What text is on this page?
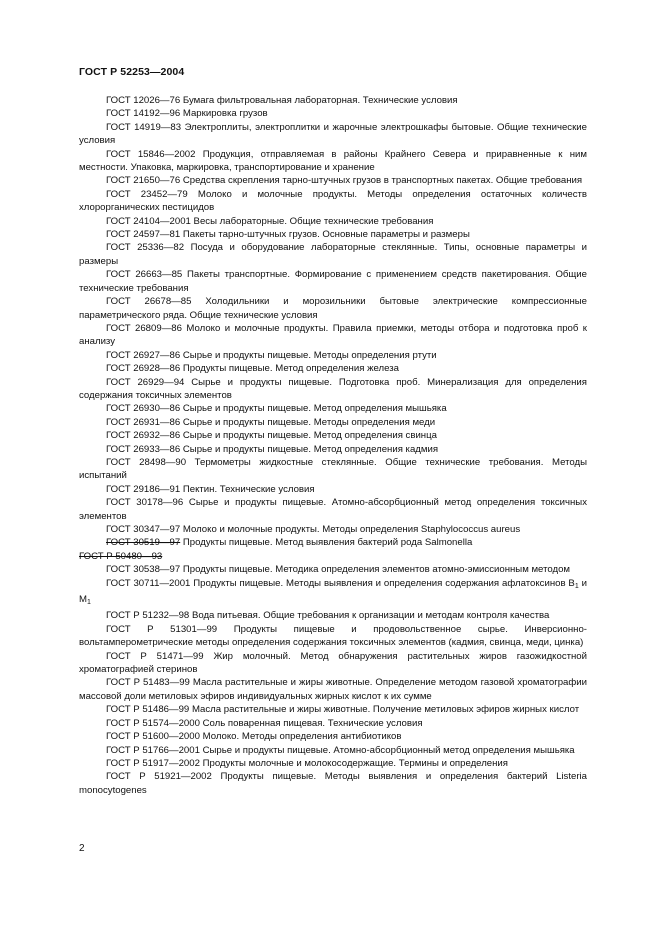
ГОСТ Р 52253—2004

ГОСТ 12026—76 Бумага фильтровальная лабораторная. Технические условия

ГОСТ 14192—96 Маркировка грузов

ГОСТ 14919—83 Электроплиты, электроплитки и жарочные электрошкафы бытовые. Общие технические условия

ГОСТ 15846—2002 Продукция, отправляемая в районы Крайнего Севера и приравненные к ним местности. Упаковка, маркировка, транспортирование и хранение

ГОСТ 21650—76 Средства скрепления тарно-штучных грузов в транспортных пакетах. Общие требования

ГОСТ 23452—79 Молоко и молочные продукты. Методы определения остаточных количеств хлорорганических пестицидов

ГОСТ 24104—2001 Весы лабораторные. Общие технические требования

ГОСТ 24597—81 Пакеты тарно-штучных грузов. Основные параметры и размеры

ГОСТ 25336—82 Посуда и оборудование лабораторные стеклянные. Типы, основные параметры и размеры

ГОСТ 26663—85 Пакеты транспортные. Формирование с применением средств пакетирования. Общие технические требования

ГОСТ 26678—85 Холодильники и морозильники бытовые электрические компрессионные параметрического ряда. Общие технические условия

ГОСТ 26809—86 Молоко и молочные продукты. Правила приемки, методы отбора и подготовка проб к анализу

ГОСТ 26927—86 Сырье и продукты пищевые. Методы определения ртути

ГОСТ 26928—86 Продукты пищевые. Метод определения железа

ГОСТ 26929—94 Сырье и продукты пищевые. Подготовка проб. Минерализация для определения содержания токсичных элементов

ГОСТ 26930—86 Сырье и продукты пищевые. Метод определения мышьяка

ГОСТ 26931—86 Сырье и продукты пищевые. Методы определения меди

ГОСТ 26932—86 Сырье и продукты пищевые. Метод определения свинца

ГОСТ 26933—86 Сырье и продукты пищевые. Метод определения кадмия

ГОСТ 28498—90 Термометры жидкостные стеклянные. Общие технические требования. Методы испытаний

ГОСТ 29186—91 Пектин. Технические условия

ГОСТ 30178—96 Сырье и продукты пищевые. Атомно-абсорбционный метод определения токсичных элементов

ГОСТ 30347—97 Молоко и молочные продукты. Методы определения Staphylococcus aureus

ГОСТ 30519—97 Продукты пищевые. Метод выявления бактерий рода Salmonella
ГОСТ Р 50480—93

ГОСТ 30538—97 Продукты пищевые. Методика определения элементов атомно-эмиссионным методом

ГОСТ 30711—2001 Продукты пищевые. Методы выявления и определения содержания афлатоксинов $B_1$ и $M_1$

ГОСТ Р 51232—98 Вода питьевая. Общие требования к организации и методам контроля качества

ГОСТ Р 51301—99 Продукты пищевые и продовольственное сырье. Инверсионно-вольтамперометрические методы определения содержания токсичных элементов (кадмия, свинца, меди, цинка)

ГОСТ Р 51471—99 Жир молочный. Метод обнаружения растительных жиров газожидкостной хроматографией стеринов

ГОСТ Р 51483—99 Масла растительные и жиры животные. Определение методом газовой хроматографии массовой доли метиловых эфиров индивидуальных жирных кислот к их сумме

ГОСТ Р 51486—99 Масла растительные и жиры животные. Получение метиловых эфиров жирных кислот

ГОСТ Р 51574—2000 Соль поваренная пищевая. Технические условия

ГОСТ Р 51600—2000 Молоко. Методы определения антибиотиков

ГОСТ Р 51766—2001 Сырье и продукты пищевые. Атомно-абсорбционный метод определения мышьяка

ГОСТ Р 51917—2002 Продукты молочные и молокосодержащие. Термины и определения

ГОСТ Р 51921—2002 Продукты пищевые. Методы выявления и определения бактерий Listeria monocytogenes

2
